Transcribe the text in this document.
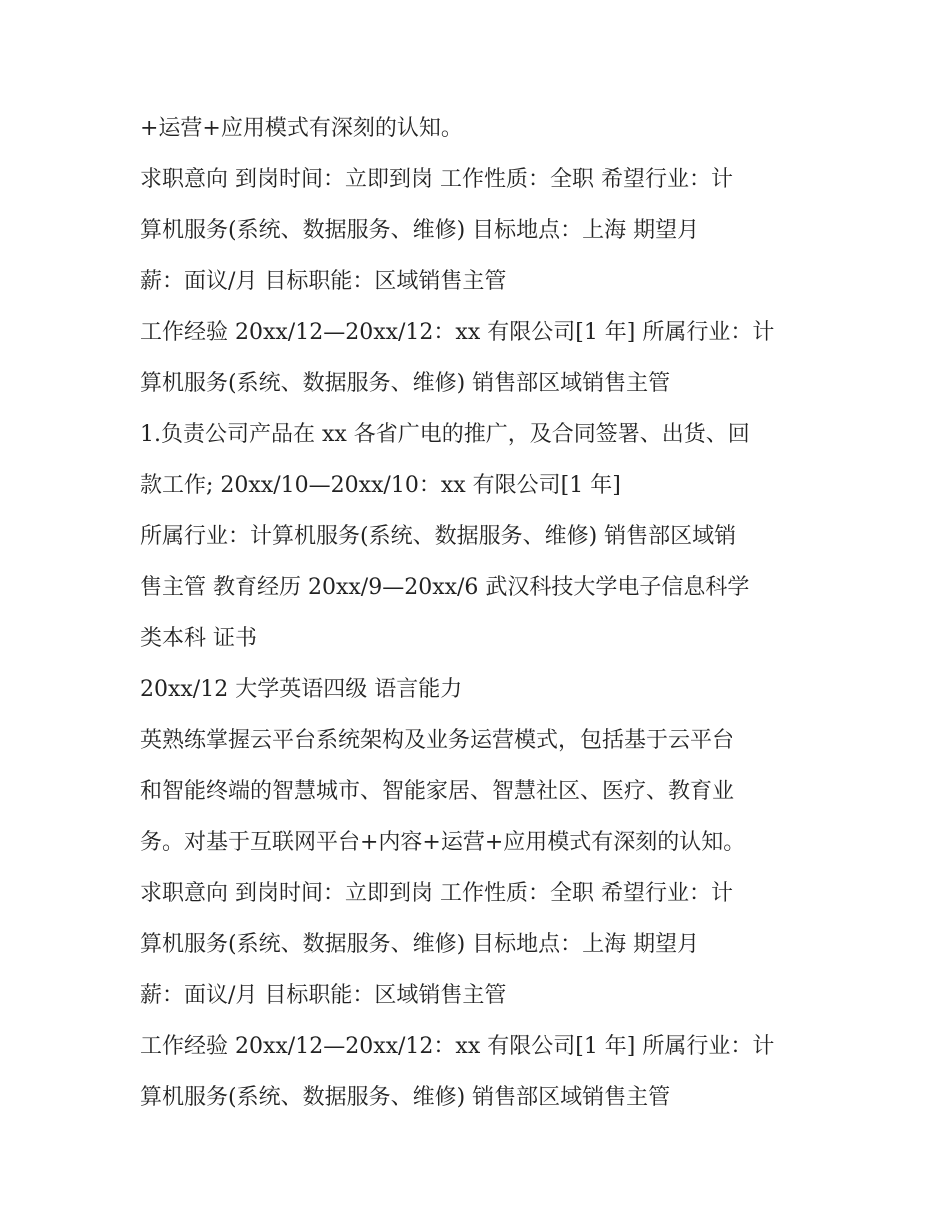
+运营+应用模式有深刻的认知。
求职意向 到岗时间：立即到岗 工作性质：全职 希望行业：计
算机服务(系统、数据服务、维修) 目标地点：上海 期望月
薪：面议/月 目标职能：区域销售主管
工作经验 20xx/12—20xx/12：xx 有限公司[1 年] 所属行业：计
算机服务(系统、数据服务、维修) 销售部区域销售主管
1.负责公司产品在 xx 各省广电的推广，及合同签署、出货、回
款工作; 20xx/10—20xx/10：xx 有限公司[1 年]
所属行业：计算机服务(系统、数据服务、维修) 销售部区域销
售主管 教育经历 20xx/9—20xx/6 武汉科技大学电子信息科学
类本科 证书
20xx/12 大学英语四级 语言能力
英熟练掌握云平台系统架构及业务运营模式，包括基于云平台
和智能终端的智慧城市、智能家居、智慧社区、医疗、教育业
务。对基于互联网平台+内容+运营+应用模式有深刻的认知。
求职意向 到岗时间：立即到岗 工作性质：全职 希望行业：计
算机服务(系统、数据服务、维修) 目标地点：上海 期望月
薪：面议/月 目标职能：区域销售主管
工作经验 20xx/12—20xx/12：xx 有限公司[1 年] 所属行业：计
算机服务(系统、数据服务、维修) 销售部区域销售主管
